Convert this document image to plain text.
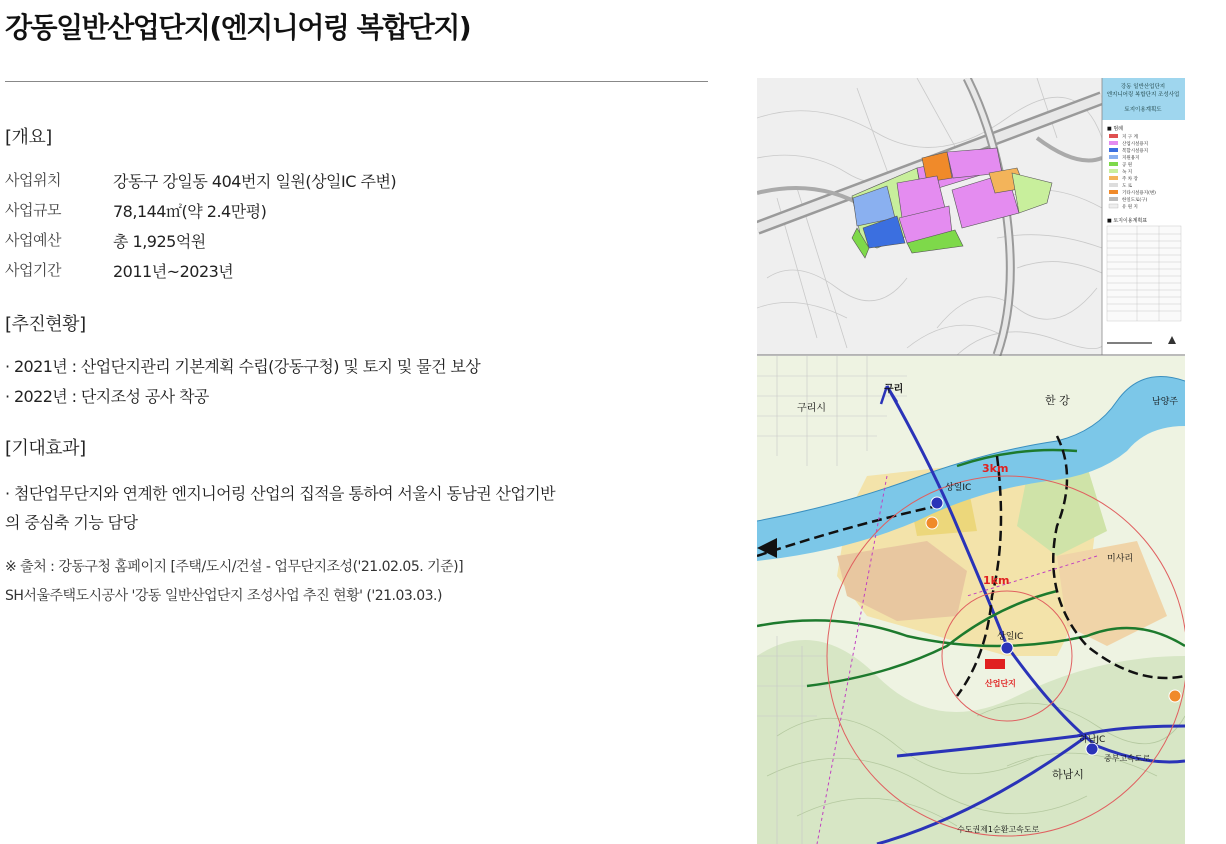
강동일반산업단지(엔지니어링 복합단지)
[개요]
사업위치	강동구 강일동 404번지 일원(상일IC 주변)
사업규모	78,144㎡(약 2.4만평)
사업예산	총 1,925억원
사업기간	2011년~2023년
[추진현황]
· 2021년 : 산업단지관리 기본계획 수립(강동구청) 및 토지 및 물건 보상
· 2022년 : 단지조성 공사 착공
[기대효과]
· 첨단업무단지와 연계한 엔지니어링 산업의 집적을 통하여 서울시 동남권 산업기반
의 중심축 기능 담당
※ 출처 : 강동구청 홈페이지 [주택/도시/건설 - 업무단지조성('21.02.05. 기준)]
SH서울주택도시공사 '강동 일반산업단지 조성사업 추진 현황' ('21.03.03.)
강동 일반산업단지
엔지니어링 복합단지 조성사업
토지이용계획도
■ 범례
지 구 계
산업시설용지
복합시설용지
지원용지
공 원
녹 지
주 차 장
도 로
기타시설용지(변)
한일도로(구)
유 원 지
■ 토지이용계획표
구리
구리시
한 강	남양주
상일IC
3km
1km
상일IC
미사리
산업단지
하남JC
중부고속도로
하남시
수도권제1순환고속도로
